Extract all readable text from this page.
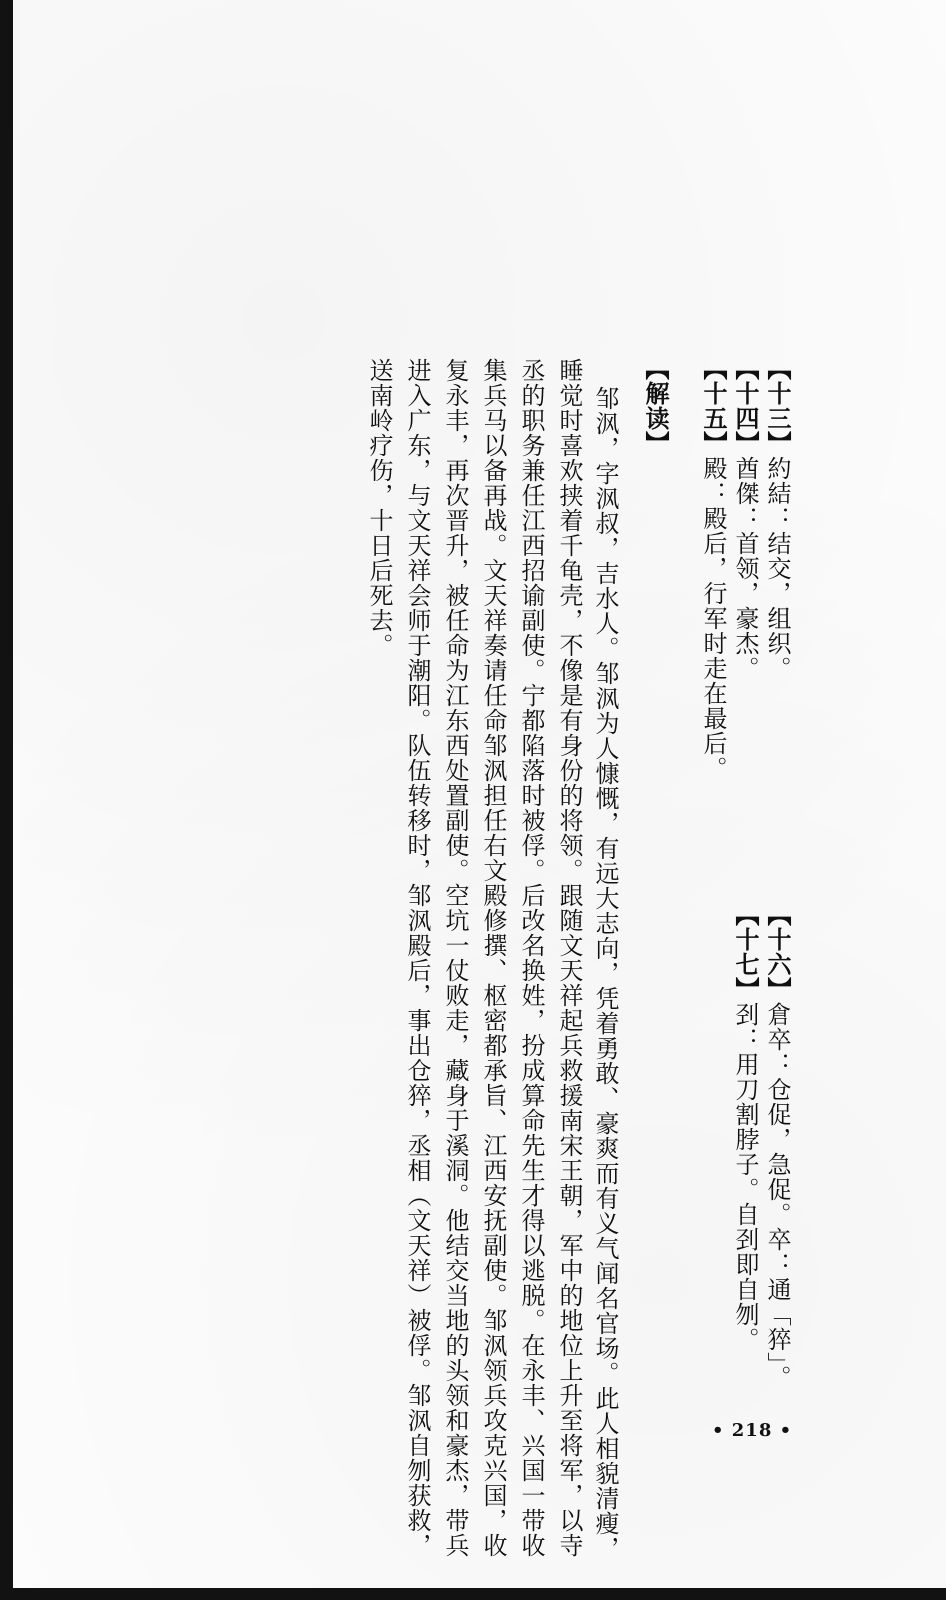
【十三】約結：结交，组织。
【十四】酋傑：首领，豪杰。
【十五】殿：殿后，行军时走在最后。
【十六】倉卒：仓促，急促。卒：通「猝」。
【十七】刭：用刀割脖子。自刭即自刎。
【解读】
邹沨，字沨叔，吉水人。邹沨为人慷慨，有远大志向，凭着勇敢、豪爽而有义气闻名官场。此人相貌清瘦，
睡觉时喜欢挟着千龟壳，不像是有身份的将领。跟随文天祥起兵救援南宋王朝，军中的地位上升至将军，以寺
丞的职务兼任江西招谕副使。宁都陷落时被俘。后改名换姓，扮成算命先生才得以逃脱。在永丰、兴国一带收
集兵马以备再战。文天祥奏请任命邹沨担任右文殿修撰、枢密都承旨、江西安抚副使。邹沨领兵攻克兴国，收
复永丰，再次晋升，被任命为江东西处置副使。空坑一仗败走，藏身于溪洞。他结交当地的头领和豪杰，带兵
进入广东，与文天祥会师于潮阳。队伍转移时，邹沨殿后，事出仓猝，丞相（文天祥）被俘。邹沨自刎获救，
送南岭疗伤，十日后死去。
• 218 •
